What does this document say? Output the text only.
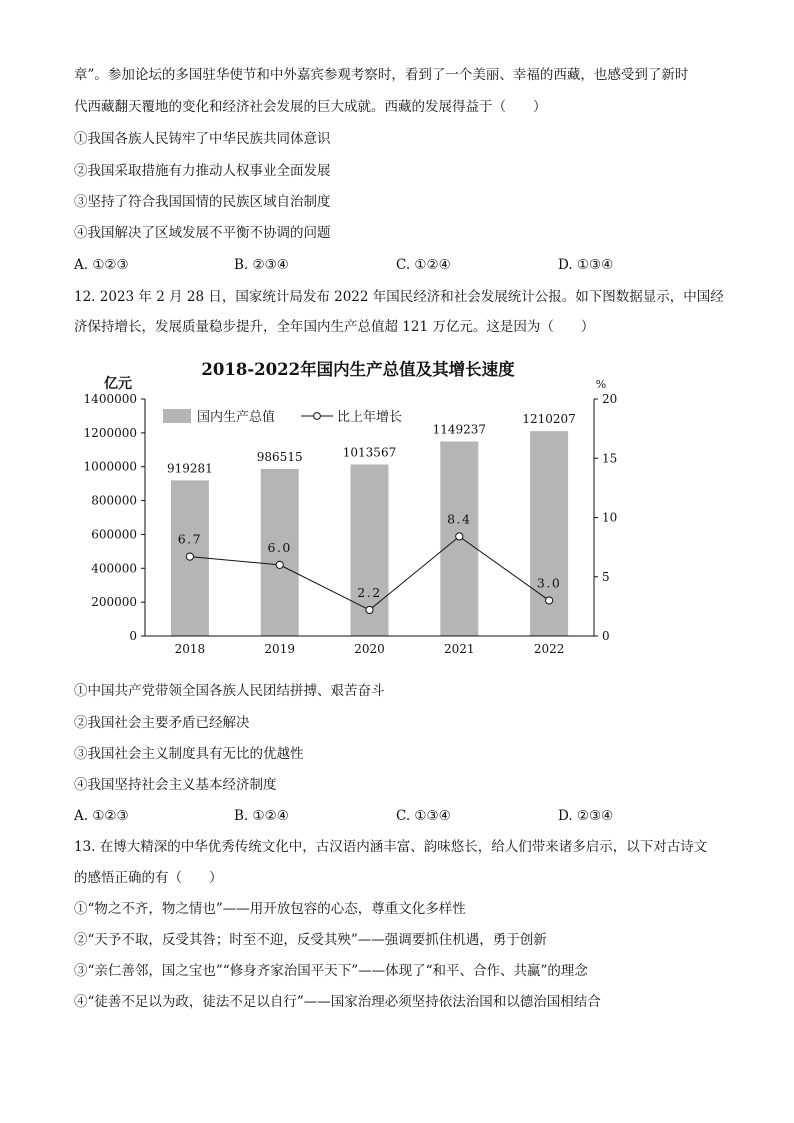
章”。参加论坛的多国驻华使节和中外嘉宾参观考察时，看到了一个美丽、幸福的西藏，也感受到了新时
代西藏翻天覆地的变化和经济社会发展的巨大成就。西藏的发展得益于（　　）
①我国各族人民铸牢了中华民族共同体意识
②我国采取措施有力推动人权事业全面发展
③坚持了符合我国国情的民族区域自治制度
④我国解决了区域发展不平衡不协调的问题
A. ①②③	B. ②③④	C. ①②④	D. ①③④
12. 2023 年 2 月 28 日，国家统计局发布 2022 年国民经济和社会发展统计公报。如下图数据显示，中国经
济保持增长，发展质量稳步提升，全年国内生产总值超 121 万亿元。这是因为（　　）
2018-2022年国内生产总值及其增长速度
亿元	%
0
200000
400000
600000
800000
1000000
1200000
1400000
0
5
10
15
20
2018	2019	2020	2021	2022
919281
986515	1013567
1149237
1210207
6.7
6.0
2.2
8.4
3.0
国内生产总值	比上年增长
①中国共产党带领全国各族人民团结拼搏、艰苦奋斗
②我国社会主要矛盾已经解决
③我国社会主义制度具有无比的优越性
④我国坚持社会主义基本经济制度
A. ①②③	B. ①②④	C. ①③④	D. ②③④
13. 在博大精深的中华优秀传统文化中，古汉语内涵丰富、韵味悠长，给人们带来诸多启示，以下对古诗文
的感悟正确的有（　　）
①“物之不齐，物之情也”——用开放包容的心态，尊重文化多样性
②“天予不取，反受其咎；时至不迎，反受其殃”——强调要抓住机遇，勇于创新
③“亲仁善邻，国之宝也”“修身齐家治国平天下”——体现了“和平、合作、共赢”的理念
④“徒善不足以为政，徒法不足以自行”——国家治理必须坚持依法治国和以德治国相结合
